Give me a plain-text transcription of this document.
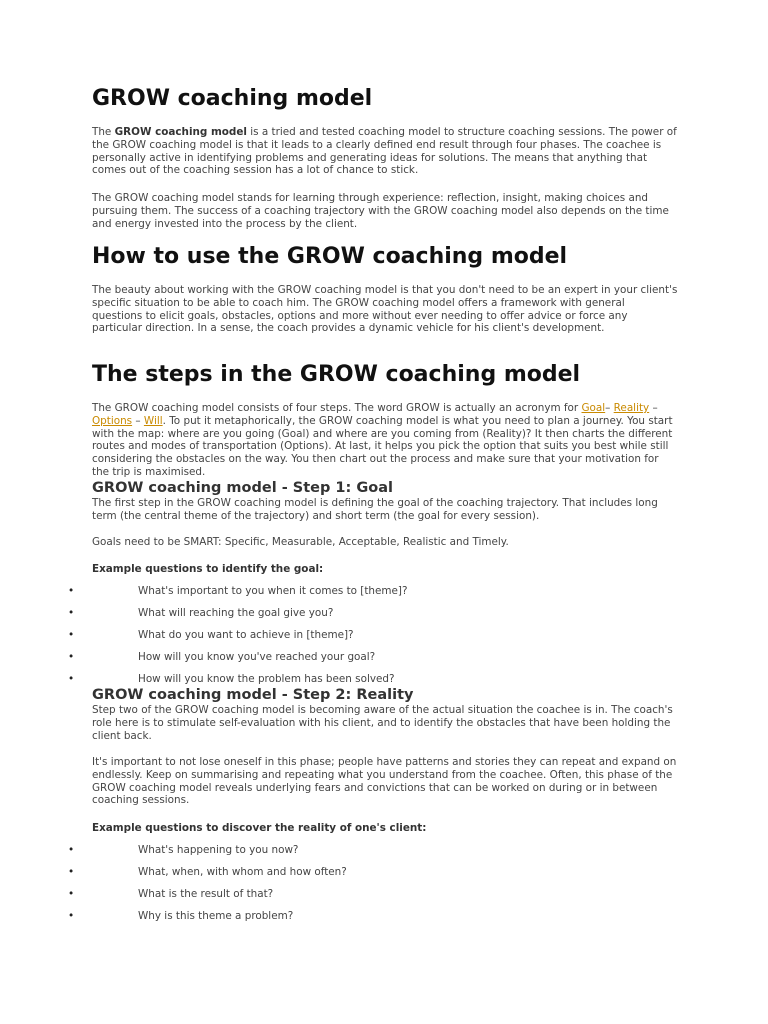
GROW coaching model

The GROW coaching model is a tried and tested coaching model to structure coaching sessions. The power of the GROW coaching model is that it leads to a clearly defined end result through four phases. The coachee is personally active in identifying problems and generating ideas for solutions. The means that anything that comes out of the coaching session has a lot of chance to stick.

The GROW coaching model stands for learning through experience: reflection, insight, making choices and pursuing them. The success of a coaching trajectory with the GROW coaching model also depends on the time and energy invested into the process by the client.

How to use the GROW coaching model

The beauty about working with the GROW coaching model is that you don't need to be an expert in your client's specific situation to be able to coach him. The GROW coaching model offers a framework with general questions to elicit goals, obstacles, options and more without ever needing to offer advice or force any particular direction. In a sense, the coach provides a dynamic vehicle for his client's development.

The steps in the GROW coaching model

The GROW coaching model consists of four steps. The word GROW is actually an acronym for Goal– Reality – Options – Will. To put it metaphorically, the GROW coaching model is what you need to plan a journey. You start with the map: where are you going (Goal) and where are you coming from (Reality)? It then charts the different routes and modes of transportation (Options). At last, it helps you pick the option that suits you best while still considering the obstacles on the way. You then chart out the process and make sure that your motivation for the trip is maximised.

GROW coaching model - Step 1: Goal

The first step in the GROW coaching model is defining the goal of the coaching trajectory. That includes long term (the central theme of the trajectory) and short term (the goal for every session).

Goals need to be SMART: Specific, Measurable, Acceptable, Realistic and Timely.

Example questions to identify the goal:

GROW coaching model - Step 2: Reality

Step two of the GROW coaching model is becoming aware of the actual situation the coachee is in. The coach's role here is to stimulate self-evaluation with his client, and to identify the obstacles that have been holding the client back.

It's important to not lose oneself in this phase; people have patterns and stories they can repeat and expand on endlessly. Keep on summarising and repeating what you understand from the coachee. Often, this phase of the GROW coaching model reveals underlying fears and convictions that can be worked on during or in between coaching sessions.

Example questions to discover the reality of one's client:

•	What's important to you when it comes to [theme]?
•	What will reaching the goal give you?
•	What do you want to achieve in [theme]?
•	How will you know you've reached your goal?
•	How will you know the problem has been solved?
•	What's happening to you now?
•	What, when, with whom and how often?
•	What is the result of that?
•	Why is this theme a problem?
